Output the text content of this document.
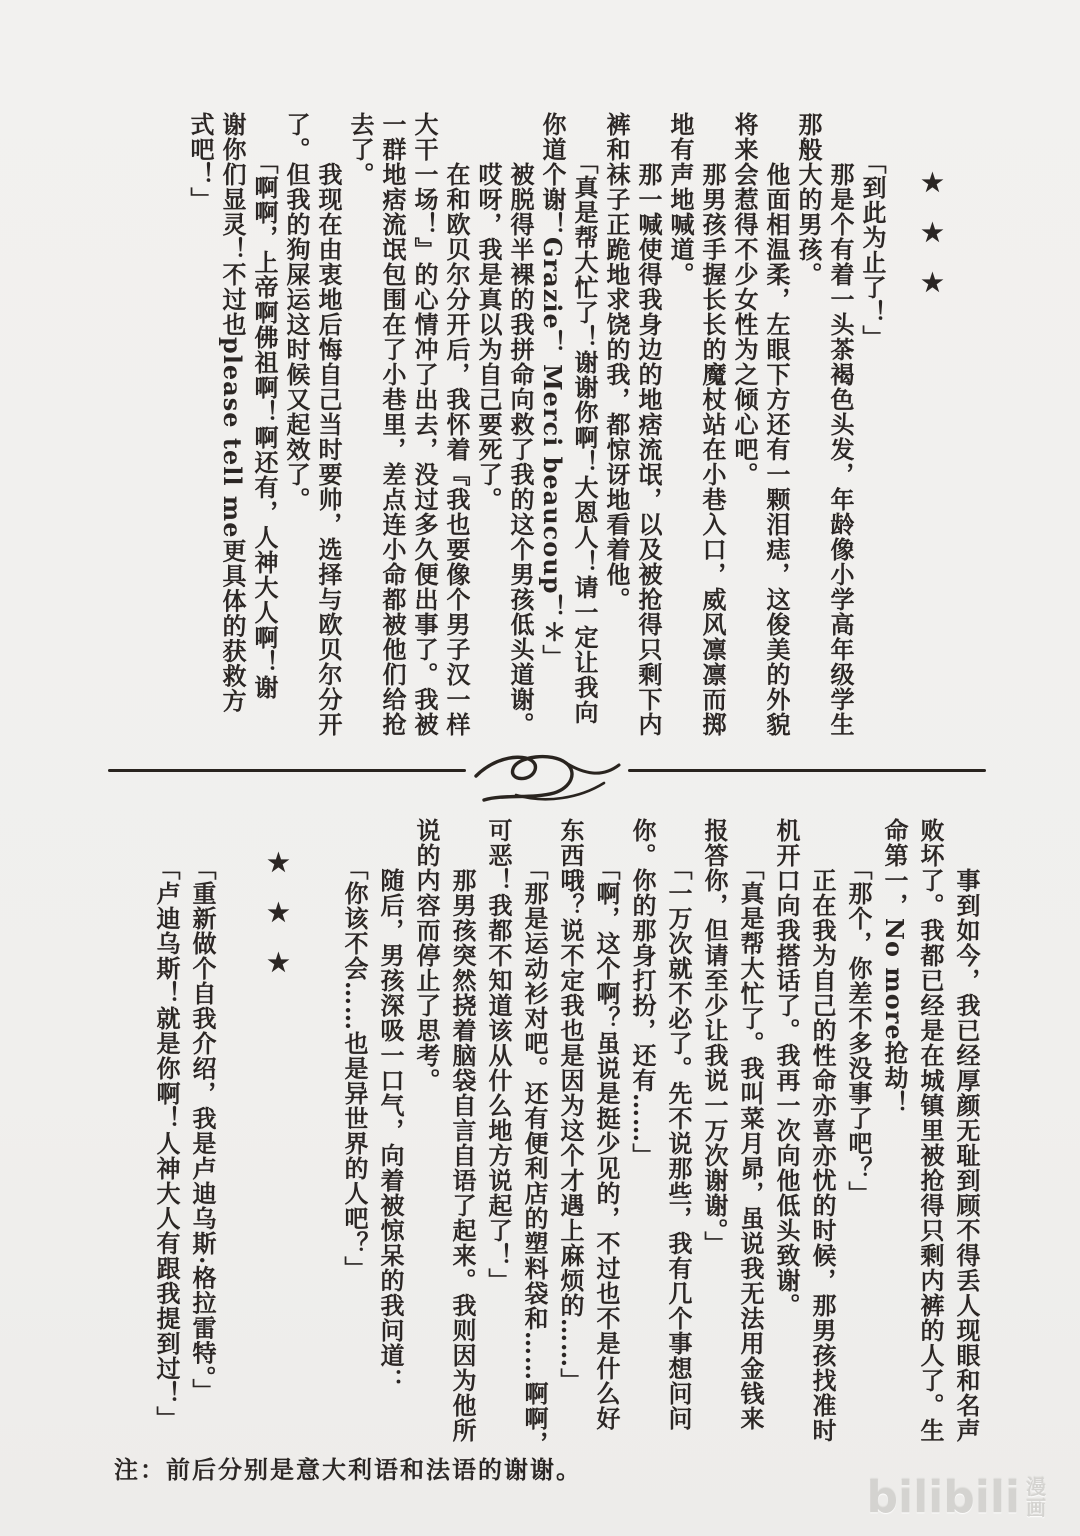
★★★

　　「到此为止了！」

　　那是个有着一头茶褐色头发，年龄像小学高年级学生

那般大的男孩。

　　他面相温柔，左眼下方还有一颗泪痣，这俊美的外貌

将来会惹得不少女性为之倾心吧。

　　那男孩手握长长的魔杖站在小巷入口，威风凛凛而掷

地有声地喊道。

　　那一喊使得我身边的地痞流氓，以及被抢得只剩下内

裤和袜子正跪地求饶的我，都惊讶地看着他。

　　「真是帮大忙了！谢谢你啊！大恩人！请一定让我向

你道个谢！Grazie！ Merci beaucoup！＊」

　　被脱得半裸的我拼命向救了我的这个男孩低头道谢。

　　哎呀，我是真以为自己要死了。

　　在和欧贝尔分开后，我怀着『我也要像个男子汉一样

大干一场！』的心情冲了出去，没过多久便出事了。我被

一群地痞流氓包围在了小巷里，差点连小命都被他们给抢

去了。

　　我现在由衷地后悔自己当时要帅，选择与欧贝尔分开

了。但我的狗屎运这时候又起效了。

　　「啊啊，上帝啊佛祖啊！啊还有，人神大人啊！谢

谢你们显灵！不过也please tell me更具体的获救方

式吧！」

　　事到如今，我已经厚颜无耻到顾不得丢人现眼和名声

败坏了。我都已经是在城镇里被抢得只剩内裤的人了。生

命第一，No more抢劫！

　　「那个，你差不多没事了吧？」

　　正在我为自己的性命亦喜亦忧的时候，那男孩找准时

机开口向我搭话了。我再一次向他低头致谢。

　　「真是帮大忙了。我叫菜月昴，虽说我无法用金钱来

报答你，但请至少让我说一万次谢谢。」

　　「一万次就不必了。先不说那些，我有几个事想问问

你。你的那身打扮，还有……」

　　「啊，这个啊？虽说是挺少见的，不过也不是什么好

东西哦？说不定我也是因为这个才遇上麻烦的……」

　　「那是运动衫对吧。还有便利店的塑料袋和……啊啊，

可恶！我都不知道该从什么地方说起了！」

　　那男孩突然挠着脑袋自言自语了起来。我则因为他所

说的内容而停止了思考。

　　随后，男孩深吸一口气，向着被惊呆的我问道：

　　「你该不会……也是异世界的人吧？」

★★★

　　「重新做个自我介绍，我是卢迪乌斯·格拉雷特。」

　　「卢迪乌斯！就是你啊！人神大人有跟我提到过！」

注：前后分别是意大利语和法语的谢谢。
bilibili 漫
画
